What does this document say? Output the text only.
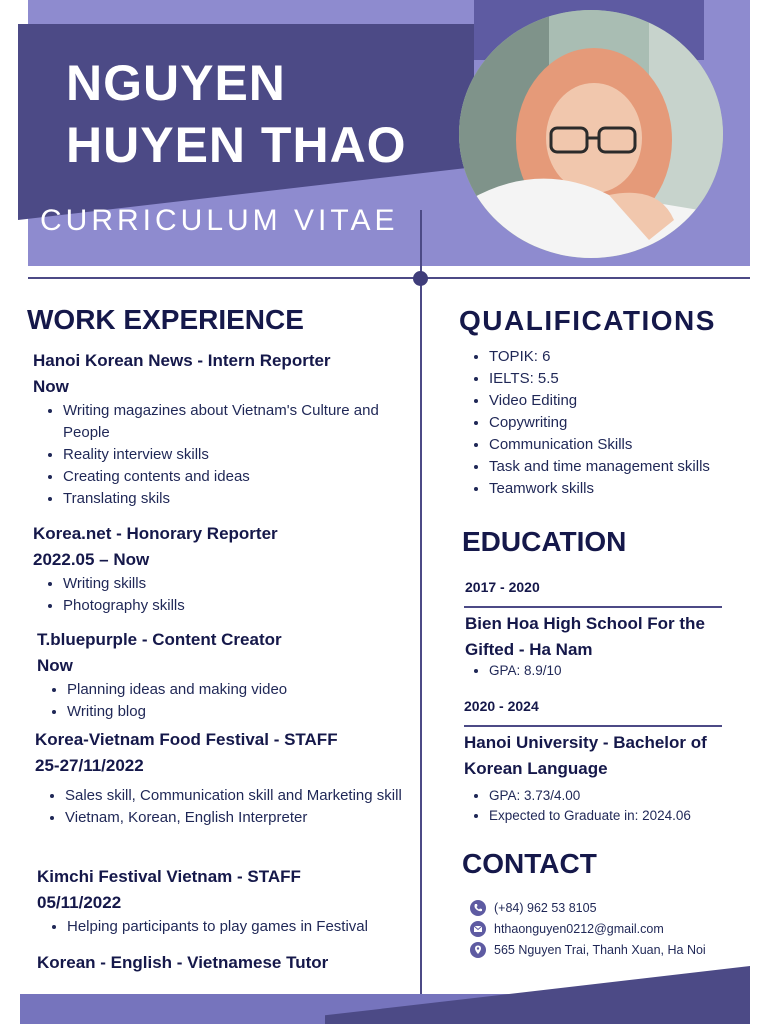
NGUYEN
HUYEN THAO
CURRICULUM VITAE
WORK EXPERIENCE
Hanoi Korean News - Intern Reporter
Now
• Writing magazines about Vietnam's Culture and People
• Reality interview skills
• Creating contents and ideas
• Translating skils
Korea.net - Honorary Reporter
2022.05 – Now
• Writing skills
• Photography skills
T.bluepurple - Content Creator
Now
• Planning ideas and making video
• Writing blog
Korea-Vietnam Food Festival - STAFF
25-27/11/2022
• Sales skill, Communication skill and Marketing skill
• Vietnam, Korean, English Interpreter
Kimchi Festival Vietnam - STAFF
05/11/2022
• Helping participants to play games in Festival
Korean - English - Vietnamese Tutor
QUALIFICATIONS
• TOPIK: 6
• IELTS: 5.5
• Video Editing
• Copywriting
• Communication Skills
• Task and time management skills
• Teamwork skills
EDUCATION
2017 - 2020
Bien Hoa High School For the Gifted - Ha Nam
• GPA: 8.9/10
2020 - 2024
Hanoi University - Bachelor of Korean Language
• GPA: 3.73/4.00
• Expected to Graduate in: 2024.06
CONTACT
(+84) 962 53 8105
hthaonguyen0212@gmail.com
565 Nguyen Trai, Thanh Xuan, Ha Noi
